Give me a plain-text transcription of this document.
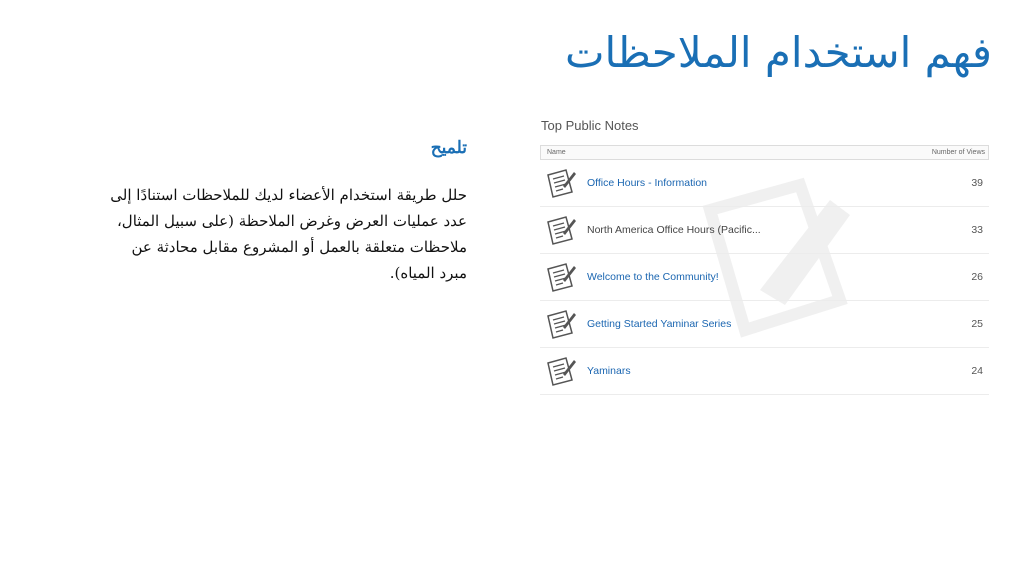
فهم استخدام الملاحظات
تلميح
حلل طريقة استخدام الأعضاء لديك للملاحظات استنادًا إلى عدد عمليات العرض وغرض الملاحظة (على سبيل المثال، ملاحظات متعلقة بالعمل أو المشروع مقابل محادثة عن مبرد المياه).
Top Public Notes
Name	Number of Views
Office Hours - Information	39
North America Office Hours (Pacific...	33
Welcome to the Community!	26
Getting Started Yaminar Series	25
Yaminars	24
